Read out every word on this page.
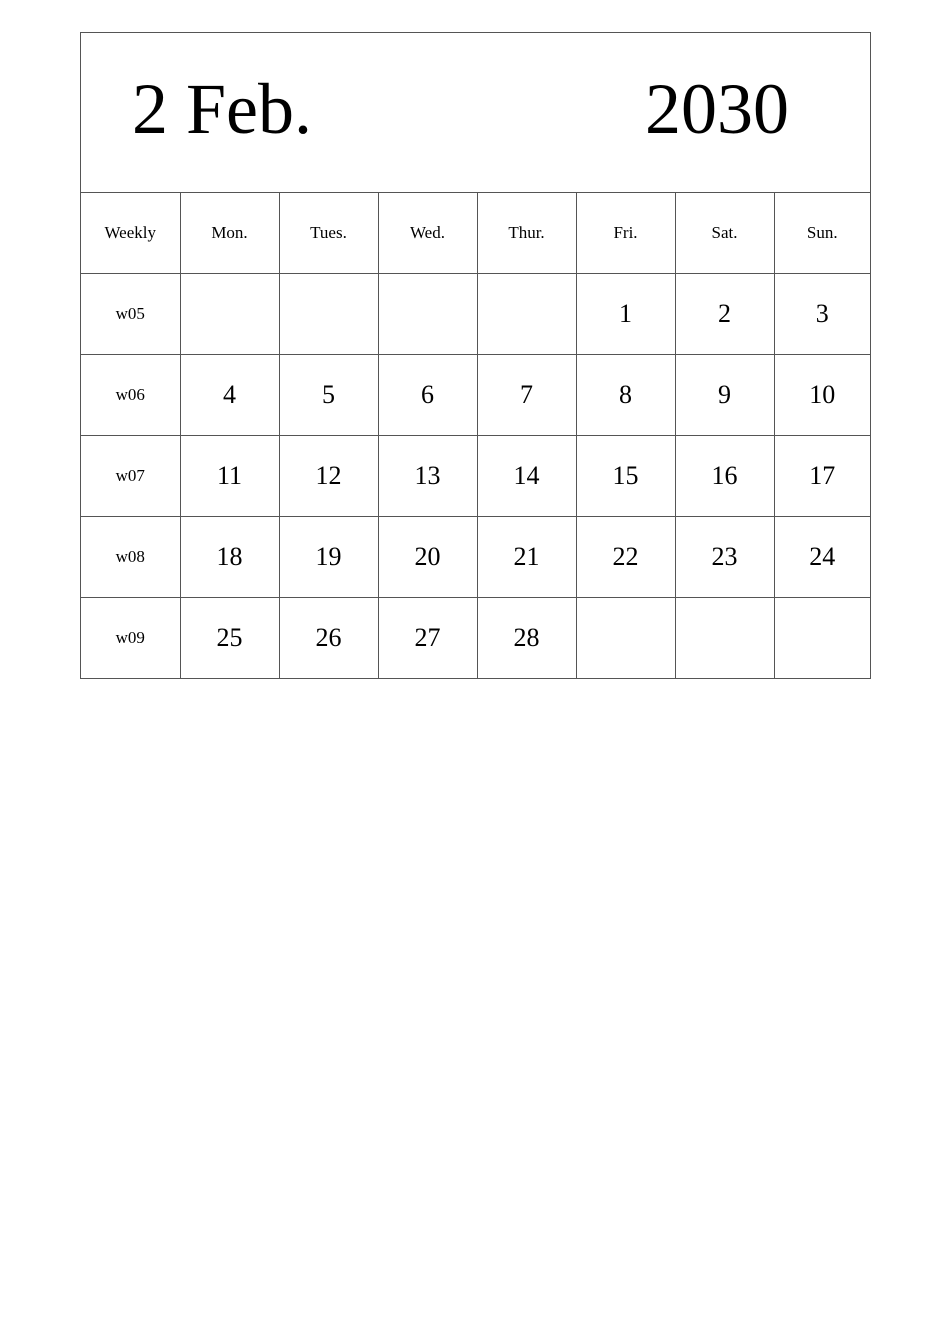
2 Feb.	2030
Weekly	Mon.	Tues.	Wed.	Thur.	Fri.	Sat.	Sun.
w05					1	2	3
w06	4	5	6	7	8	9	10
w07	11	12	13	14	15	16	17
w08	18	19	20	21	22	23	24
w09	25	26	27	28			
